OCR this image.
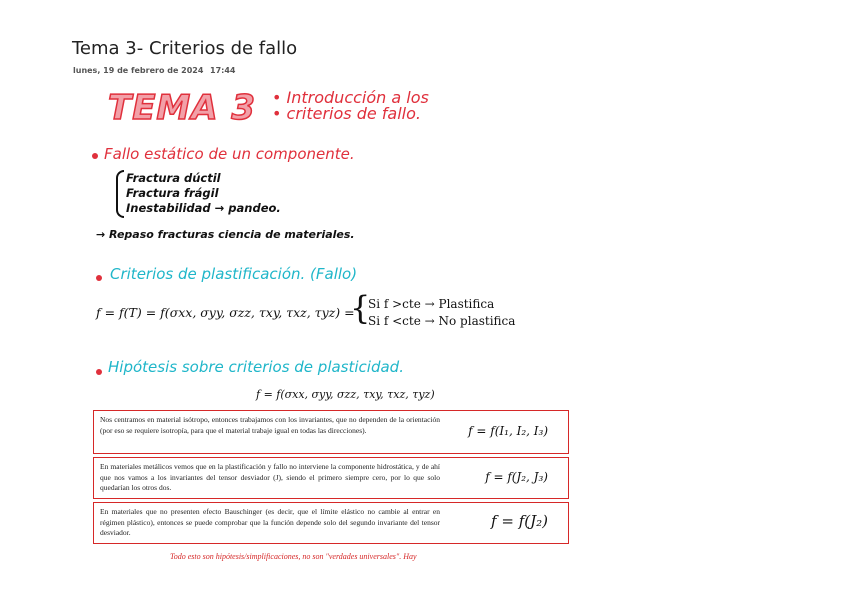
Tema 3- Criterios de fallo
lunes, 19 de febrero de 2024 17:44
TEMA 3 • Introducción a los
• criterios de fallo.
Fallo estático de un componente.
Fractura dúctil
Fractura frágil
Inestabilidad → pandeo.
→ Repaso fracturas ciencia de materiales.
Criterios de plastificación. (Fallo)
f = f(T) = f(σxx, σyy, σzz, τxy, τxz, τyz) =
{
Si f >cte → Plastifica
Si f <cte → No plastifica
Hipótesis sobre criterios de plasticidad.
f = f(σxx, σyy, σzz, τxy, τxz, τyz)
Nos centramos en material isótropo, entonces trabajamos con los invariantes, que no dependen de la orientación (por eso se requiere isotropía, para que el material trabaje igual en todas las direcciones).	f = f(I₁, I₂, I₃)
En materiales metálicos vemos que en la plastificación y fallo no interviene la componente hidrostática, y de ahí que nos vamos a los invariantes del tensor desviador (J), siendo el primero siempre cero, por lo que solo quedarían los otros dos.
f = f(J₂, J₃)
En materiales que no presenten efecto Bauschinger (es decir, que el límite elástico no cambie al entrar en régimen plástico), entonces se puede comprobar que la función depende solo del segundo invariante del tensor desviador.
f = f(J₂)
Todo esto son hipótesis/simplificaciones, no son "verdades universales". Hay
